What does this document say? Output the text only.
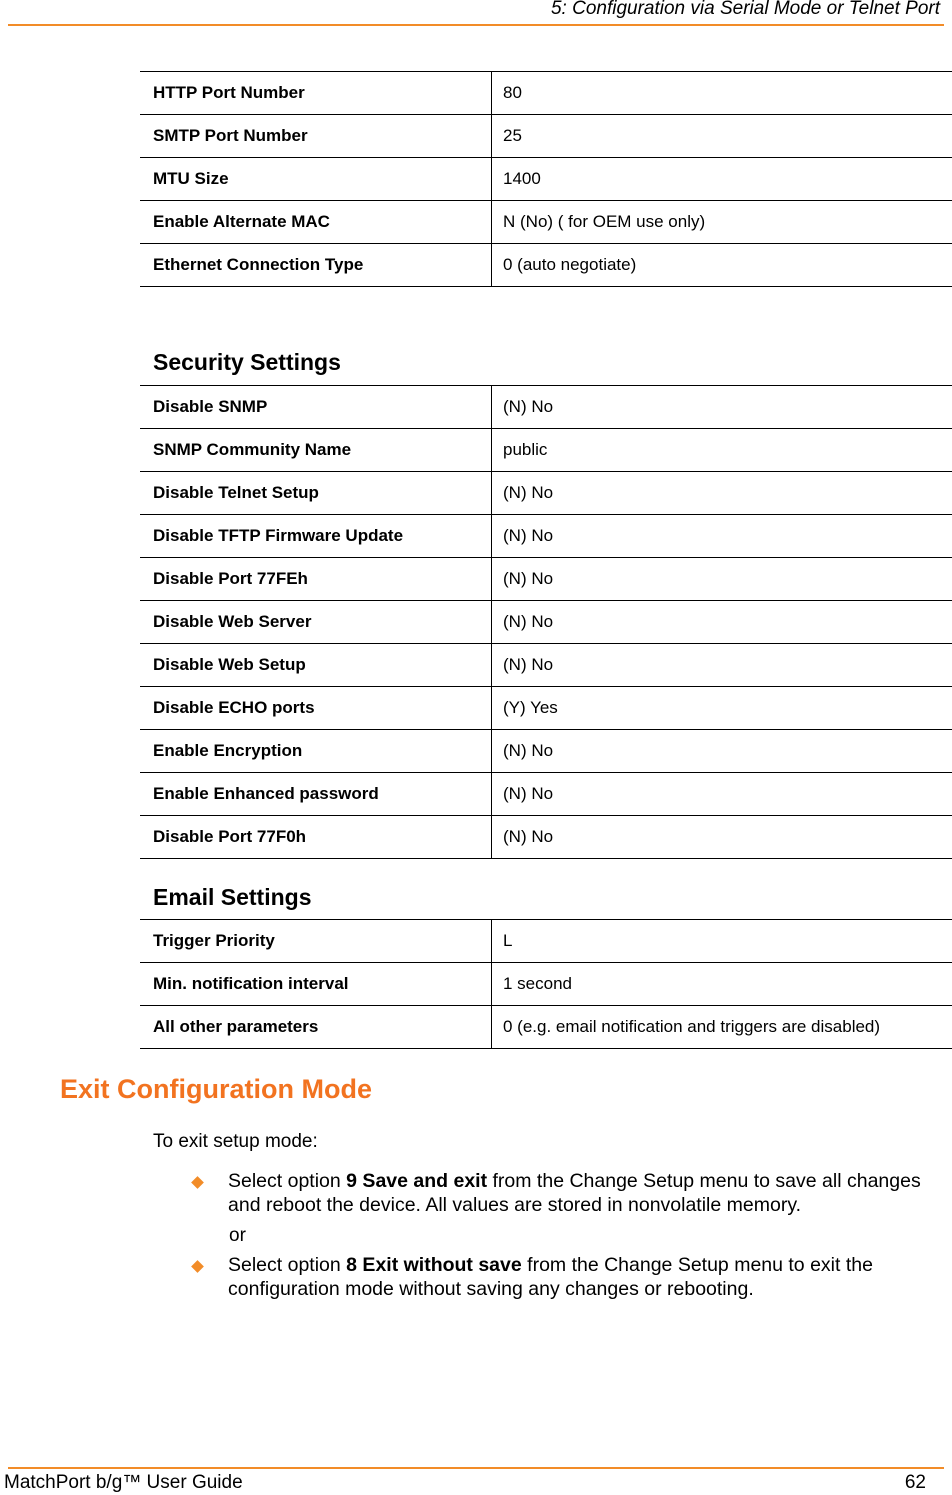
5: Configuration via Serial Mode or Telnet Port
HTTP Port Number	80
SMTP Port Number	25
MTU Size	1400
Enable Alternate MAC	N (No) ( for OEM use only)
Ethernet Connection Type	0 (auto negotiate)
Security Settings
Disable SNMP	(N) No
SNMP Community Name	public
Disable Telnet Setup	(N) No
Disable TFTP Firmware Update	(N) No
Disable Port 77FEh	(N) No
Disable Web Server	(N) No
Disable Web Setup	(N) No
Disable ECHO ports	(Y) Yes
Enable Encryption	(N) No
Enable Enhanced password	(N) No
Disable Port 77F0h	(N) No
Email Settings
Trigger Priority	L
Min. notification interval	1 second
All other parameters	0 (e.g. email notification and triggers are disabled)
Exit Configuration Mode
To exit setup mode:
Select option 9 Save and exit from the Change Setup menu to save all changes and reboot the device. All values are stored in nonvolatile memory.
or
Select option 8 Exit without save from the Change Setup menu to exit the configuration mode without saving any changes or rebooting.
MatchPort b/g™ User Guide	62
